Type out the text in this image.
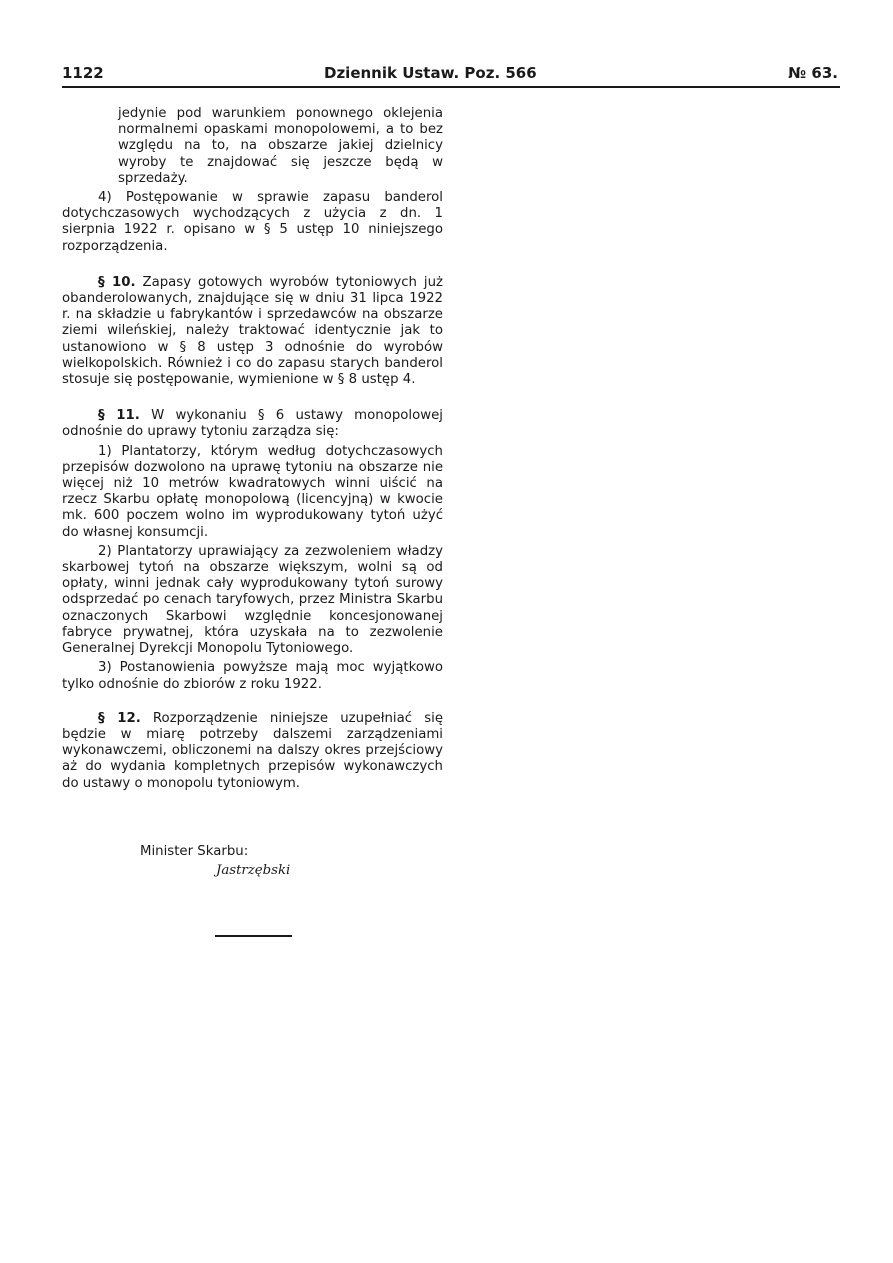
1122	Dziennik Ustaw. Poz. 566	№ 63.

jedynie pod warunkiem ponownego oklejenia normalnemi opaskami monopolowemi, a to bez względu na to, na obszarze jakiej dzielnicy wyroby te znajdować się jeszcze będą w sprzedaży.

4) Postępowanie w sprawie zapasu banderol dotychczasowych wychodzących z użycia z dn. 1 sierpnia 1922 r. opisano w § 5 ustęp 10 niniejszego rozporządzenia.

§ 10. Zapasy gotowych wyrobów tytoniowych już obanderolowanych, znajdujące się w dniu 31 lipca 1922 r. na składzie u fabrykantów i sprzedawców na obszarze ziemi wileńskiej, należy traktować identycznie jak to ustanowiono w § 8 ustęp 3 odnośnie do wyrobów wielkopolskich. Również i co do zapasu starych banderol stosuje się postępowanie, wymienione w § 8 ustęp 4.

§ 11. W wykonaniu § 6 ustawy monopolowej odnośnie do uprawy tytoniu zarządza się:

1) Plantatorzy, którym według dotychczasowych przepisów dozwolono na uprawę tytoniu na obszarze nie więcej niż 10 metrów kwadratowych winni uiścić na rzecz Skarbu opłatę monopolową (licencyjną) w kwocie mk. 600 poczem wolno im wyprodukowany tytoń użyć do własnej konsumcji.

2) Plantatorzy uprawiający za zezwoleniem władzy skarbowej tytoń na obszarze większym, wolni są od opłaty, winni jednak cały wyprodukowany tytoń surowy odsprzedać po cenach taryfowych, przez Ministra Skarbu oznaczonych Skarbowi względnie koncesjonowanej fabryce prywatnej, która uzyskała na to zezwolenie Generalnej Dyrekcji Monopolu Tytoniowego.

3) Postanowienia powyższe mają moc wyjątkowo tylko odnośnie do zbiorów z roku 1922.

§ 12. Rozporządzenie niniejsze uzupełniać się będzie w miarę potrzeby dalszemi zarządzeniami wykonawczemi, obliczonemi na dalszy okres przejściowy aż do wydania kompletnych przepisów wykonawczych do ustawy o monopolu tytoniowym.

Minister Skarbu:
Jastrzębski
